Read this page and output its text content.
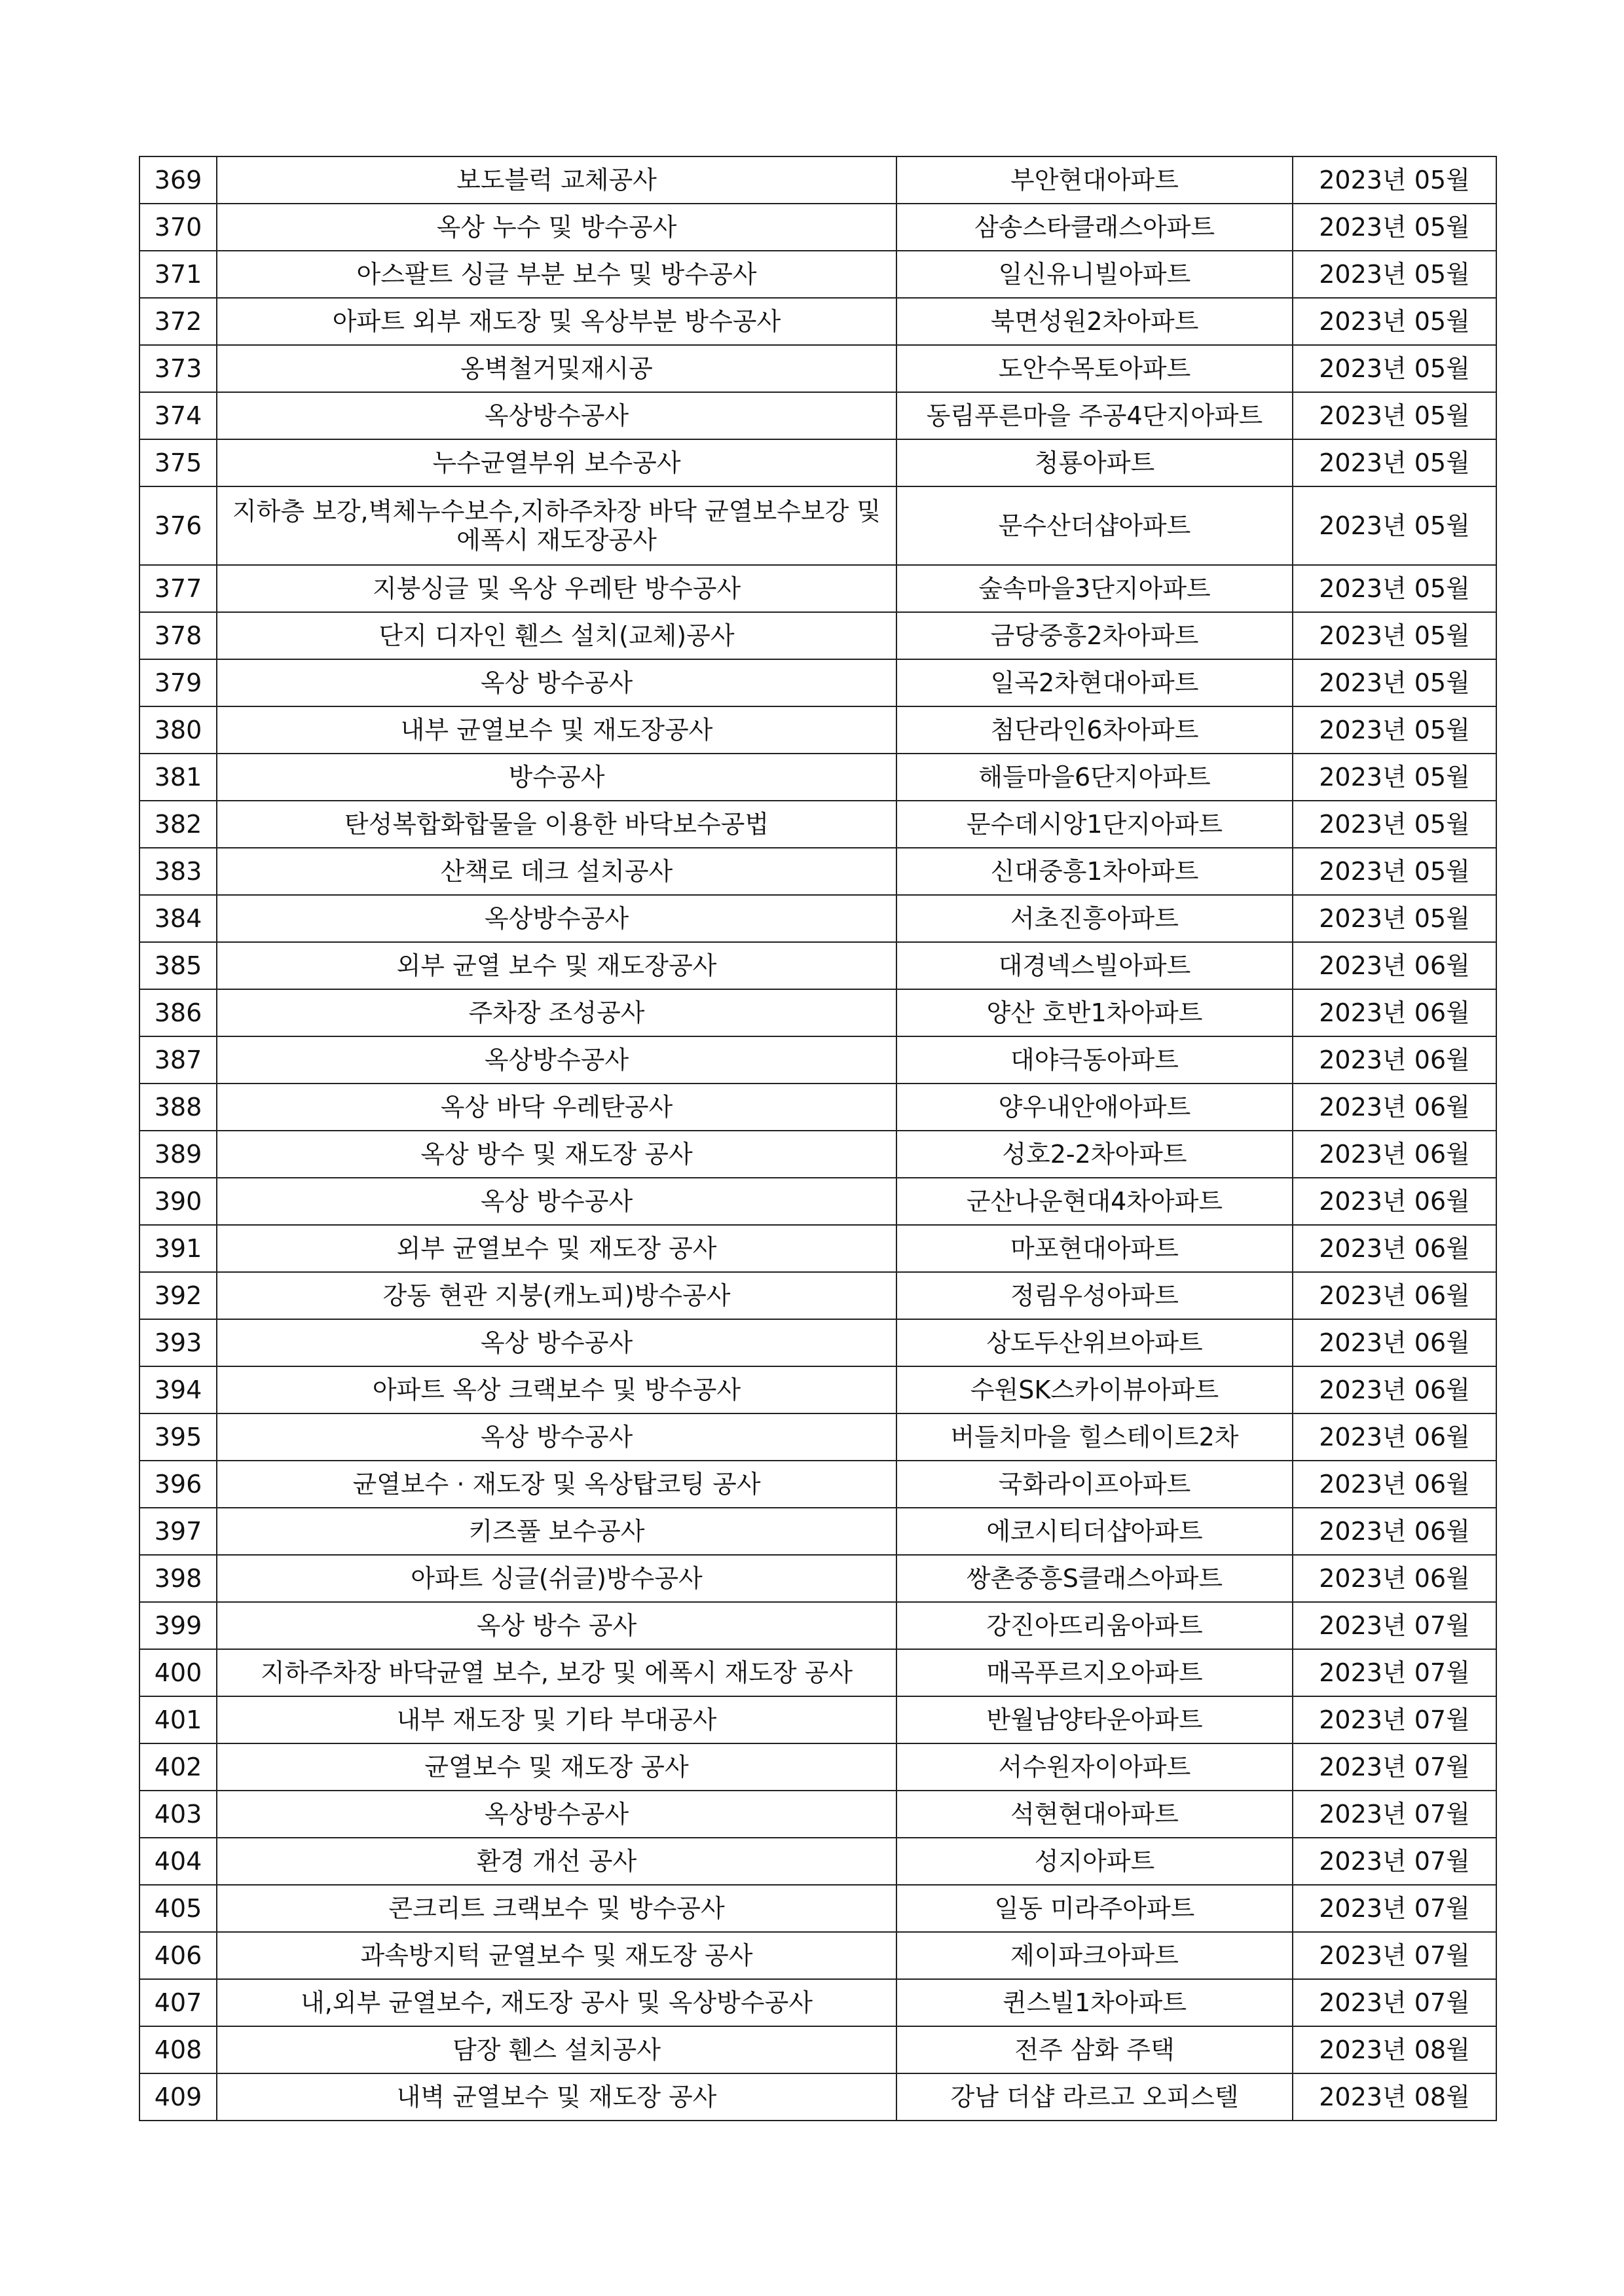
369	보도블럭 교체공사	부안현대아파트	2023년 05월
370	옥상 누수 및 방수공사	삼송스타클래스아파트	2023년 05월
371	아스팔트 싱글 부분 보수 및 방수공사	일신유니빌아파트	2023년 05월
372	아파트 외부 재도장 및 옥상부분 방수공사	북면성원2차아파트	2023년 05월
373	옹벽철거및재시공	도안수목토아파트	2023년 05월
374	옥상방수공사	동림푸른마을 주공4단지아파트	2023년 05월
375	누수균열부위 보수공사	청룡아파트	2023년 05월
376	지하층 보강,벽체누수보수,지하주차장 바닥 균열보수보강 및 에폭시 재도장공사	문수산더샵아파트	2023년 05월
377	지붕싱글 및 옥상 우레탄 방수공사	숲속마을3단지아파트	2023년 05월
378	단지 디자인 휀스 설치(교체)공사	금당중흥2차아파트	2023년 05월
379	옥상 방수공사	일곡2차현대아파트	2023년 05월
380	내부 균열보수 및 재도장공사	첨단라인6차아파트	2023년 05월
381	방수공사	해들마을6단지아파트	2023년 05월
382	탄성복합화합물을 이용한 바닥보수공법	문수데시앙1단지아파트	2023년 05월
383	산책로 데크 설치공사	신대중흥1차아파트	2023년 05월
384	옥상방수공사	서초진흥아파트	2023년 05월
385	외부 균열 보수 및 재도장공사	대경넥스빌아파트	2023년 06월
386	주차장 조성공사	양산 호반1차아파트	2023년 06월
387	옥상방수공사	대야극동아파트	2023년 06월
388	옥상 바닥 우레탄공사	양우내안애아파트	2023년 06월
389	옥상 방수 및 재도장 공사	성호2-2차아파트	2023년 06월
390	옥상 방수공사	군산나운현대4차아파트	2023년 06월
391	외부 균열보수 및 재도장 공사	마포현대아파트	2023년 06월
392	강동 현관 지붕(캐노피)방수공사	정림우성아파트	2023년 06월
393	옥상 방수공사	상도두산위브아파트	2023년 06월
394	아파트 옥상 크랙보수 및 방수공사	수원SK스카이뷰아파트	2023년 06월
395	옥상 방수공사	버들치마을 힐스테이트2차	2023년 06월
396	균열보수 · 재도장 및 옥상탑코팅 공사	국화라이프아파트	2023년 06월
397	키즈풀 보수공사	에코시티더샵아파트	2023년 06월
398	아파트 싱글(쉬글)방수공사	쌍촌중흥S클래스아파트	2023년 06월
399	옥상 방수 공사	강진아뜨리움아파트	2023년 07월
400	지하주차장 바닥균열 보수, 보강 및 에폭시 재도장 공사	매곡푸르지오아파트	2023년 07월
401	내부 재도장 및 기타 부대공사	반월남양타운아파트	2023년 07월
402	균열보수 및 재도장 공사	서수원자이아파트	2023년 07월
403	옥상방수공사	석현현대아파트	2023년 07월
404	환경 개선 공사	성지아파트	2023년 07월
405	콘크리트 크랙보수 및 방수공사	일동 미라주아파트	2023년 07월
406	과속방지턱 균열보수 및 재도장 공사	제이파크아파트	2023년 07월
407	내,외부 균열보수, 재도장 공사 및 옥상방수공사	퀸스빌1차아파트	2023년 07월
408	담장 휀스 설치공사	전주 삼화 주택	2023년 08월
409	내벽 균열보수 및 재도장 공사	강남 더샵 라르고 오피스텔	2023년 08월
